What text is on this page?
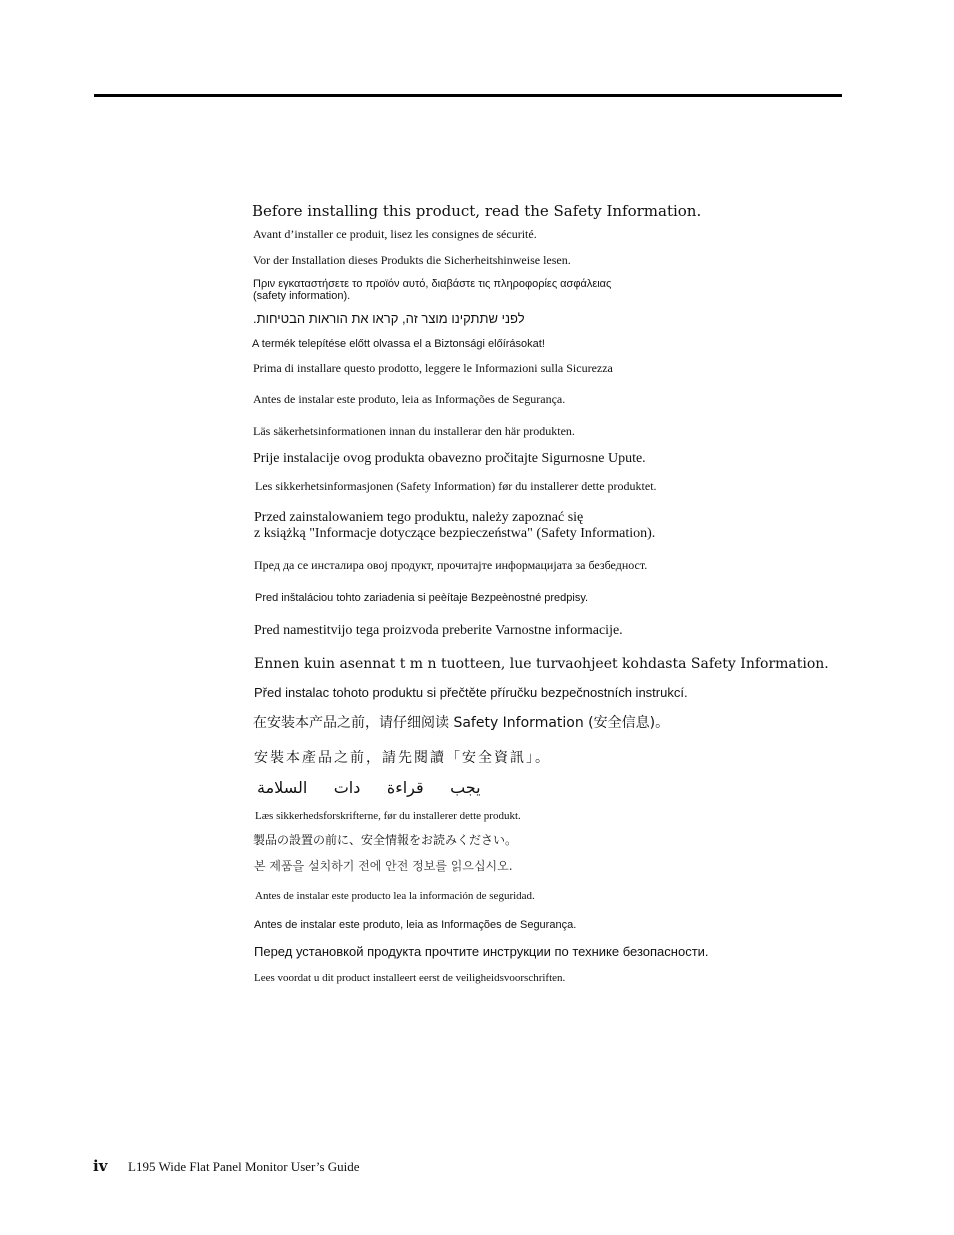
Before installing this product, read the Safety Information.
Avant d’installer ce produit, lisez les consignes de sécurité.
Vor der Installation dieses Produkts die Sicherheitshinweise lesen.
Πριν εγκαταστήσετε το προϊόν αυτό, διαβάστε τις πληροφορίες ασφάλειας
(safety information).
לפני שתתקינו מוצר זה, קראו את הוראות הבטיחות.
A termék telepítése előtt olvassa el a Biztonsági előírásokat!
Prima di installare questo prodotto, leggere le Informazioni sulla Sicurezza
Antes de instalar este produto, leia as Informações de Segurança.
Läs säkerhetsinformationen innan du installerar den här produkten.
Prije instalacije ovog produkta obavezno pročitajte Sigurnosne Upute.
Les sikkerhetsinformasjonen (Safety Information) før du installerer dette produktet.
Przed zainstalowaniem tego produktu, należy zapoznać się
z książką "Informacje dotyczące bezpieczeństwa" (Safety Information).
Пред да се инсталира овој продукт, прочитајте информацијата за безбедност.
Pred inštaláciou tohto zariadenia si peèítaje Bezpeènostné predpisy.
Pred namestitvijo tega proizvoda preberite Varnostne informacije.
Ennen kuin asennat t m n tuotteen, lue turvaohjeet kohdasta Safety Information.
Před instalac tohoto produktu si přečtěte příručku bezpečnostních instrukcí.
在安装本产品之前，请仔细阅读 Safety Information (安全信息)。
安裝本產品之前，請先閱讀「安全資訊」。
يجب قراءة دات السلامة
Læs sikkerhedsforskrifterne, før du installerer dette produkt.
製品の設置の前に、安全情報をお読みください。
본 제품을 설치하기 전에 안전 정보를 읽으십시오.
Antes de instalar este producto lea la información de seguridad.
Antes de instalar este produto, leia as Informações de Segurança.
Перед установкой продукта прочтите инструкции по технике безопасности.
Lees voordat u dit product installeert eerst de veiligheidsvoorschriften.
iv L195 Wide Flat Panel Monitor User’s Guide
